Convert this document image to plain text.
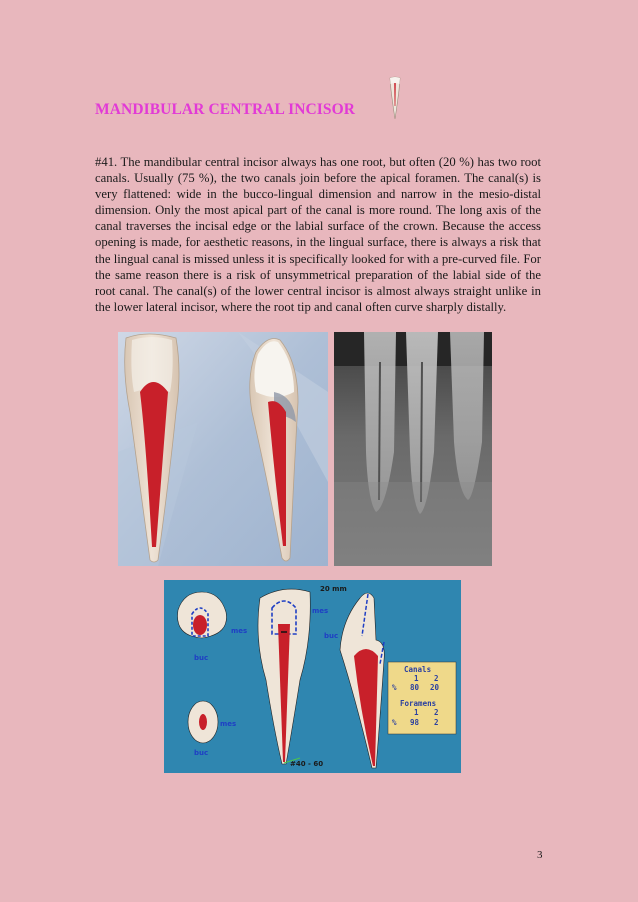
MANDIBULAR CENTRAL INCISOR

#41. The mandibular central incisor always has one root, but often (20 %) has two root canals. Usually (75 %), the two canals join before the apical foramen. The canal(s) is very flattened: wide in the bucco-lingual dimension and narrow in the mesio-distal dimension. Only the most apical part of the canal is more round. The long axis of the canal traverses the incisal edge or the labial surface of the crown. Because the access opening is made, for aesthetic reasons, in the lingual surface, there is always a risk that the lingual canal is missed unless it is specifically looked for with a pre-curved file. For the same reason there is a risk of unsymmetrical preparation of the labial side of the root canal. The canal(s) of the lower central incisor is almost always straight unlike in the lower lateral incisor, where the root tip and canal often curve sharply distally.

mes
buc
mes
buc
20 mm
mes
buc
#40 - 60
Canals
1 2
% 80 20
Foramens
1 2
% 98 2
3
